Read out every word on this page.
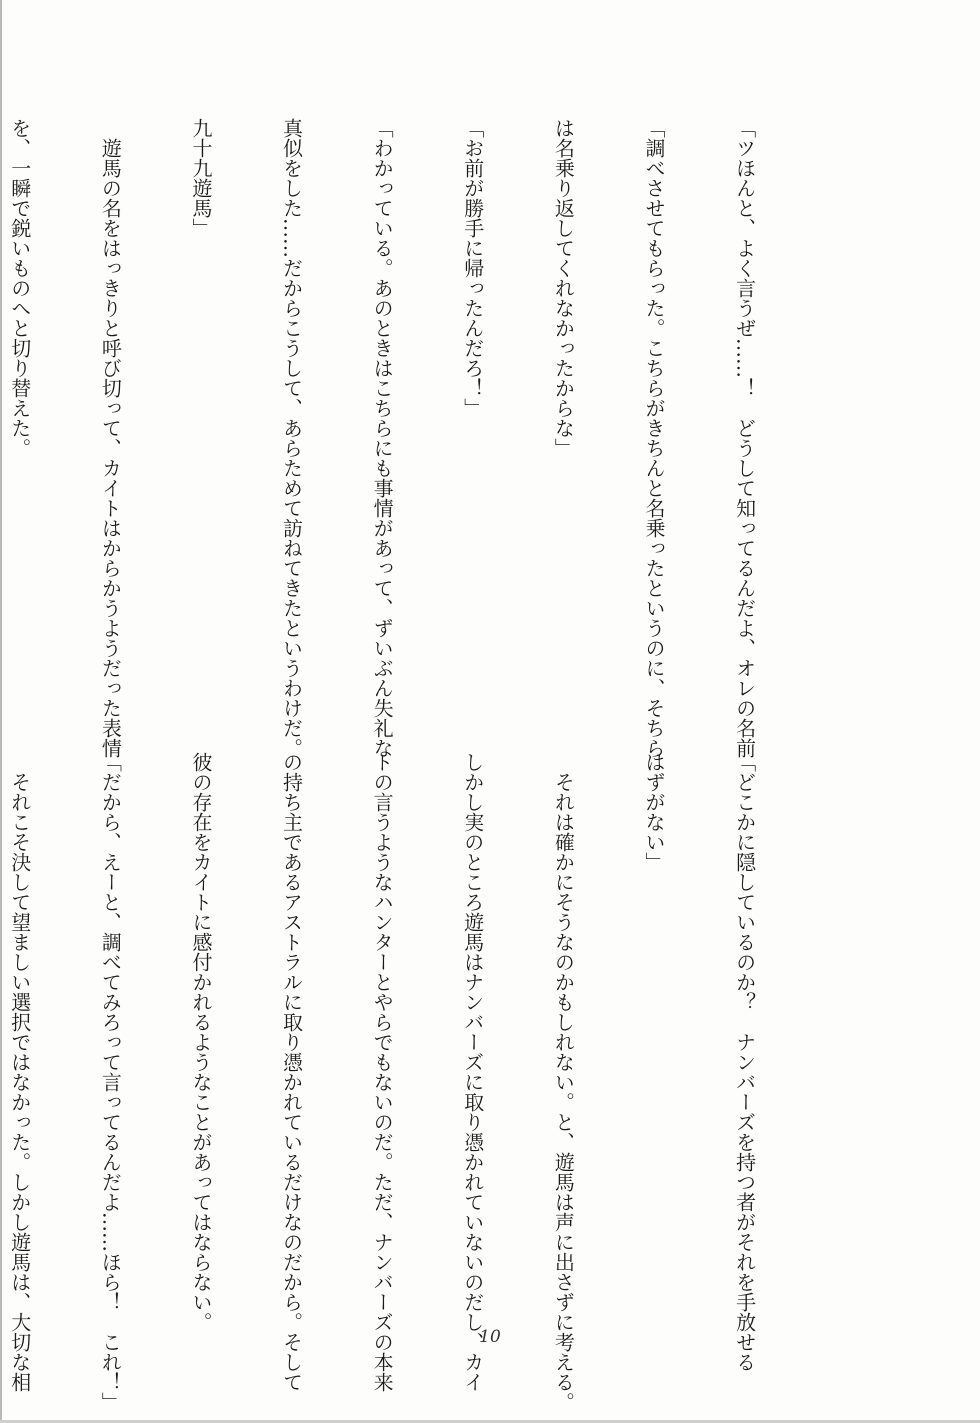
「ツほんと、よく言うぜ……！　どうして知ってるんだよ、オレの名前

「調べさせてもらった。こちらがきちんと名乗ったというのに、そちら

は名乗り返してくれなかったからな」

「お前が勝手に帰ったんだろ！」

「わかっている。あのときはこちらにも事情があって、ずいぶん失礼な

真似をした……だからこうして、あらためて訪ねてきたというわけだ。

九十九遊馬」

　遊馬の名をはっきりと呼び切って、カイトはからかうようだった表情

を、一瞬で鋭いものへと切り替えた。

「どこかに隠しているのか？　ナンバーズを持つ者がそれを手放せる

はずがない」

　それは確かにそうなのかもしれない。と、遊馬は声に出さずに考える。

しかし実のところ遊馬はナンバーズに取り憑かれていないのだし、カイ

トの言うようなハンターとやらでもないのだ。ただ、ナンバーズの本来

の持ち主であるアストラルに取り憑かれているだけなのだから。そして

彼の存在をカイトに感付かれるようなことがあってはならない。

「だから、えーと、調べてみろって言ってるんだよ……ほら！　これ！」

　それこそ決して望ましい選択ではなかった。しかし遊馬は、大切な相

	10
